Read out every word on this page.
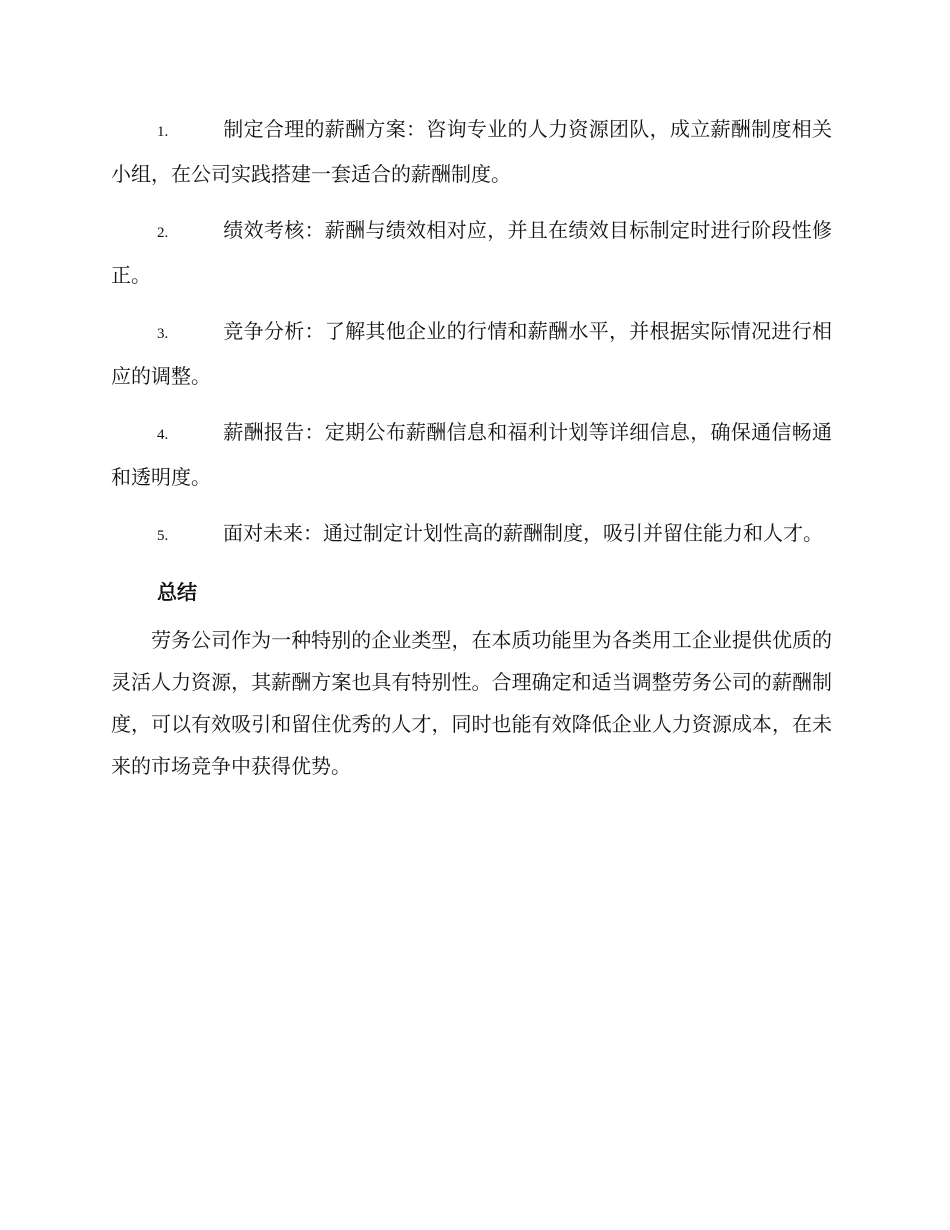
1.	制定合理的薪酬方案：咨询专业的人力资源团队，成立薪酬制度相关小组，在公司实践搭建一套适合的薪酬制度。

2.	绩效考核：薪酬与绩效相对应，并且在绩效目标制定时进行阶段性修正。

3.	竞争分析：了解其他企业的行情和薪酬水平，并根据实际情况进行相应的调整。

4.	薪酬报告：定期公布薪酬信息和福利计划等详细信息，确保通信畅通和透明度。

5.	面对未来：通过制定计划性高的薪酬制度，吸引并留住能力和人才。

总结

劳务公司作为一种特别的企业类型，在本质功能里为各类用工企业提供优质的灵活人力资源，其薪酬方案也具有特别性。合理确定和适当调整劳务公司的薪酬制度，可以有效吸引和留住优秀的人才，同时也能有效降低企业人力资源成本，在未来的市场竞争中获得优势。
